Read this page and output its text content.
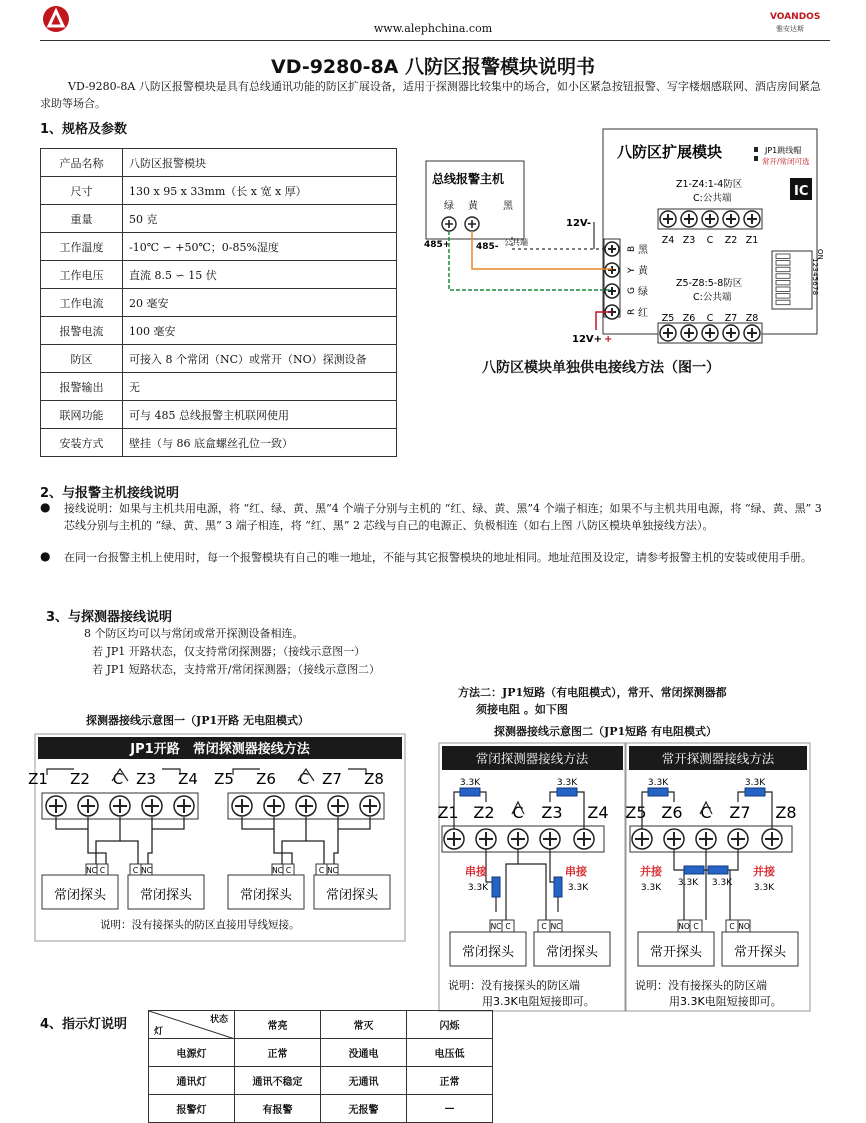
www.alephchina.com
VOANDOS
雅安达斯
VD-9280-8A 八防区报警模块说明书
VD-9280-8A 八防区报警模块是具有总线通讯功能的防区扩展设备，适用于探测器比较集中的场合，如小区紧急按钮报警、写字楼烟感联网、酒店房间紧急求助等场合。
1、规格及参数
产品名称	八防区报警模块
尺寸	130 x 95 x 33mm（长 x 宽 x 厚）
重量	50 克
工作温度	-10℃ ∽ +50℃；0-85%湿度
工作电压	直流 8.5 ∽ 15 伏
工作电流	20 毫安
报警电流	100 毫安
防区	可接入 8 个常闭（NC）或常开（NO）探测设备
报警输出	无
联网功能	可与 485 总线报警主机联网使用
安装方式	壁挂（与 86 底盒螺丝孔位一致）
八防区扩展模块	JP1跳线帽
常开/常闭可选
IC
Z1-Z4:1-4防区
C:公共端
Z4 Z3 C Z2 Z1
Z5-Z8:5-8防区
C:公共端
Z5 Z6 C Z7 Z8
ON
12345678
B 黑
Y 黄
G 绿
R 红
总线报警主机
绿 黄	黑
485+	485- 公共端
12V-
12V+ +
八防区模块单独供电接线方法（图一）
2、与报警主机接线说明
● 接线说明：如果与主机共用电源，将 “红、绿、黄、黑”4 个端子分别与主机的 “红、绿、黄、黑”4 个端子相连；如果不与主机共用电源，将 “绿、黄、黑” 3 芯线分别与主机的 “绿、黄、黑” 3 端子相连，将 “红、黑” 2 芯线与自己的电源正、负极相连（如右上图 八防区模块单独接线方法）。
● 在同一台报警主机上使用时，每一个报警模块有自己的唯一地址，不能与其它报警模块的地址相同。地址范围及设定，请参考报警主机的安装或使用手册。
3、与探测器接线说明
8 个防区均可以与常闭或常开探测设备相连。
若 JP1 开路状态，仅支持常闭探测器；（接线示意图一）
若 JP1 短路状态，支持常开/常闭探测器；（接线示意图二）
方法二：JP1短路（有电阻模式），常开、常闭探测器都
须接电阻 。如下图
探测器接线示意图一（JP1开路 无电阻模式）
JP1开路　常闭探测器接线方法
Z1 Z2 C Z3 Z4
NC C
常闭探头
C NC
常闭探头
Z5 Z6 C Z7 Z8
NC C
常闭探头
C NC
常闭探头
说明：没有接探头的防区直接用导线短接。
探测器接线示意图二（JP1短路 有电阻模式）
常闭探测器接线方法	常开探测器接线方法
Z1 Z2 C Z3 Z4
3.3K	3.3K
串接	串接
3.3K	3.3K
NC C
常闭探头
C NC
常闭探头
Z5 Z6 C Z7 Z8
3.3K	3.3K
并接	并接
3.3K 3.3K 3.3K 3.3K
NO C
常开探头
C NO
常开探头
说明：没有接探头的防区端
用3.3K电阻短接即可。
说明：没有接探头的防区端
用3.3K电阻短接即可。
4、指示灯说明	状态
灯	常亮	常灭	闪烁
电源灯	正常	没通电	电压低
通讯灯	通讯不稳定	无通讯	正常
报警灯	有报警	无报警	—
